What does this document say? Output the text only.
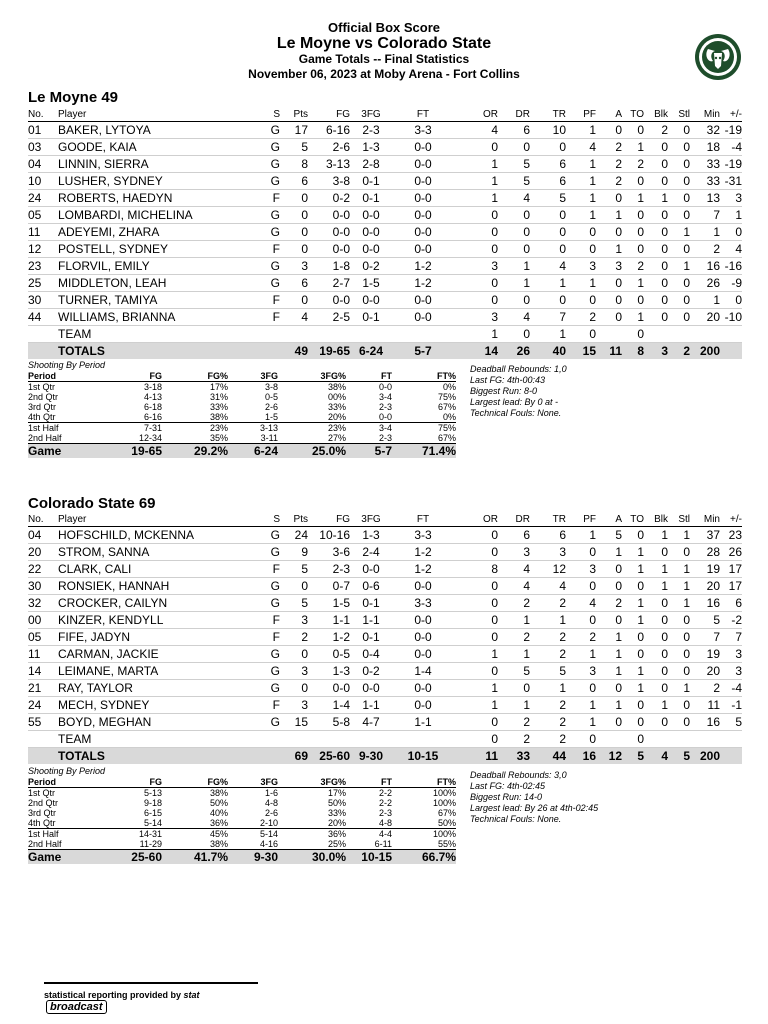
Official Box Score
Le Moyne vs Colorado State
Game Totals -- Final Statistics
November 06, 2023 at Moby Arena - Fort Collins
Le Moyne 49
No.	Player	S	Pts	FG	3FG	FT	OR	DR	TR	PF	A	TO	Blk	Stl	Min	+/-
01	BAKER, LYTOYA	G	17	6-16	2-3	3-3	4	6	10	1	0	0	2	0	32	-19
03	GOODE, KAIA	G	5	2-6	1-3	0-0	0	0	0	4	2	1	0	0	18	-4
04	LINNIN, SIERRA	G	8	3-13	2-8	0-0	1	5	6	1	2	2	0	0	33	-19
10	LUSHER, SYDNEY	G	6	3-8	0-1	0-0	1	5	6	1	2	0	0	0	33	-31
24	ROBERTS, HAEDYN	F	0	0-2	0-1	0-0	1	4	5	1	0	1	1	0	13	3
05	LOMBARDI, MICHELINA	G	0	0-0	0-0	0-0	0	0	0	1	1	0	0	0	7	1
11	ADEYEMI, ZHARA	G	0	0-0	0-0	0-0	0	0	0	0	0	0	0	1	1	0
12	POSTELL, SYDNEY	F	0	0-0	0-0	0-0	0	0	0	0	1	0	0	0	2	4
23	FLORVIL, EMILY	G	3	1-8	0-2	1-2	3	1	4	3	3	2	0	1	16	-16
25	MIDDLETON, LEAH	G	6	2-7	1-5	1-2	0	1	1	1	0	1	0	0	26	-9
30	TURNER, TAMIYA	F	0	0-0	0-0	0-0	0	0	0	0	0	0	0	0	1	0
44	WILLIAMS, BRIANNA	F	4	2-5	0-1	0-0	3	4	7	2	0	1	0	0	20	-10
	TEAM						1	0	1	0		0				
	TOTALS		49	19-65	6-24	5-7	14	26	40	15	11	8	3	2	200	
Shooting By Period
Period	FG	FG%	3FG	3FG%	FT	FT%
1st Qtr	3-18	17%	3-8	38%	0-0	0%
2nd Qtr	4-13	31%	0-5	00%	3-4	75%
3rd Qtr	6-18	33%	2-6	33%	2-3	67%
4th Qtr	6-16	38%	1-5	20%	0-0	0%
1st Half	7-31	23%	3-13	23%	3-4	75%
2nd Half	12-34	35%	3-11	27%	2-3	67%
Game	19-65	29.2%	6-24	25.0%	5-7	71.4%
Deadball Rebounds: 1,0
Last FG: 4th-00:43
Biggest Run: 8-0
Largest lead: By 0 at -
Technical Fouls: None.
Colorado State 69
No.	Player	S	Pts	FG	3FG	FT	OR	DR	TR	PF	A	TO	Blk	Stl	Min	+/-
04	HOFSCHILD, MCKENNA	G	24	10-16	1-3	3-3	0	6	6	1	5	0	1	1	37	23
20	STROM, SANNA	G	9	3-6	2-4	1-2	0	3	3	0	1	1	0	0	28	26
22	CLARK, CALI	F	5	2-3	0-0	1-2	8	4	12	3	0	1	1	1	19	17
30	RONSIEK, HANNAH	G	0	0-7	0-6	0-0	0	4	4	0	0	0	1	1	20	17
32	CROCKER, CAILYN	G	5	1-5	0-1	3-3	0	2	2	4	2	1	0	1	16	6
00	KINZER, KENDYLL	F	3	1-1	1-1	0-0	0	1	1	0	0	1	0	0	5	-2
05	FIFE, JADYN	F	2	1-2	0-1	0-0	0	2	2	2	1	0	0	0	7	7
11	CARMAN, JACKIE	G	0	0-5	0-4	0-0	1	1	2	1	1	0	0	0	19	3
14	LEIMANE, MARTA	G	3	1-3	0-2	1-4	0	5	5	3	1	1	0	0	20	3
21	RAY, TAYLOR	G	0	0-0	0-0	0-0	1	0	1	0	0	1	0	1	2	-4
24	MECH, SYDNEY	F	3	1-4	1-1	0-0	1	1	2	1	1	0	1	0	11	-1
55	BOYD, MEGHAN	G	15	5-8	4-7	1-1	0	2	2	1	0	0	0	0	16	5
	TEAM						0	2	2	0		0				
	TOTALS		69	25-60	9-30	10-15	11	33	44	16	12	5	4	5	200	
Shooting By Period
Period	FG	FG%	3FG	3FG%	FT	FT%
1st Qtr	5-13	38%	1-6	17%	2-2	100%
2nd Qtr	9-18	50%	4-8	50%	2-2	100%
3rd Qtr	6-15	40%	2-6	33%	2-3	67%
4th Qtr	5-14	36%	2-10	20%	4-8	50%
1st Half	14-31	45%	5-14	36%	4-4	100%
2nd Half	11-29	38%	4-16	25%	6-11	55%
Game	25-60	41.7%	9-30	30.0%	10-15	66.7%
Deadball Rebounds: 3,0
Last FG: 4th-02:45
Biggest Run: 14-0
Largest lead: By 26 at 4th-02:45
Technical Fouls: None.
statistical reporting provided by statbroadcast
